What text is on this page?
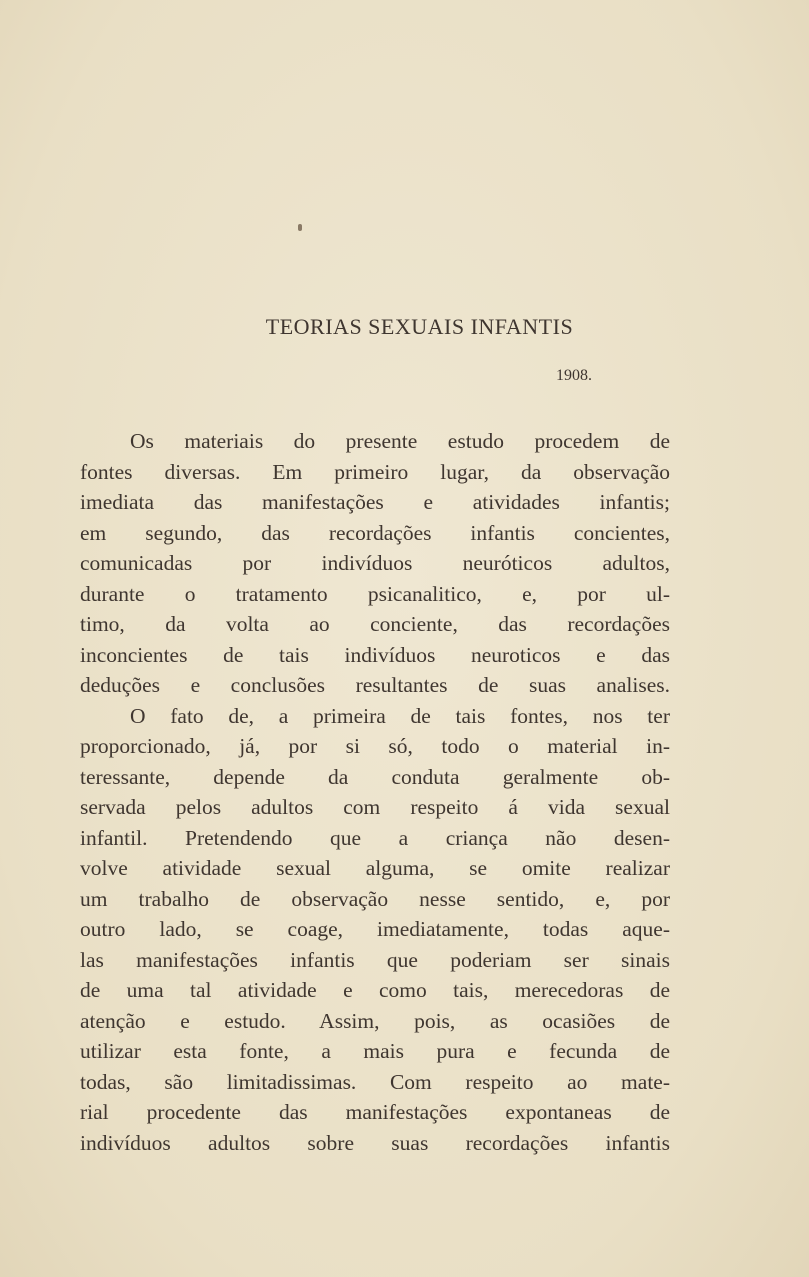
TEORIAS SEXUAIS INFANTIS
1908.
Os materiais do presente estudo procedem de
fontes diversas. Em primeiro lugar, da observação
imediata das manifestações e atividades infantis;
em segundo, das recordações infantis concientes,
comunicadas por indivíduos neuróticos adultos,
durante o tratamento psicanalitico, e, por ul-
timo, da volta ao conciente, das recordações
inconcientes de tais indivíduos neuroticos e das
deduções e conclusões resultantes de suas analises.
O fato de, a primeira de tais fontes, nos ter
proporcionado, já, por si só, todo o material in-
teressante, depende da conduta geralmente ob-
servada pelos adultos com respeito á vida sexual
infantil. Pretendendo que a criança não desen-
volve atividade sexual alguma, se omite realizar
um trabalho de observação nesse sentido, e, por
outro lado, se coage, imediatamente, todas aque-
las manifestações infantis que poderiam ser sinais
de uma tal atividade e como tais, merecedoras de
atenção e estudo. Assim, pois, as ocasiões de
utilizar esta fonte, a mais pura e fecunda de
todas, são limitadissimas. Com respeito ao mate-
rial procedente das manifestações expontaneas de
indivíduos adultos sobre suas recordações infantis
